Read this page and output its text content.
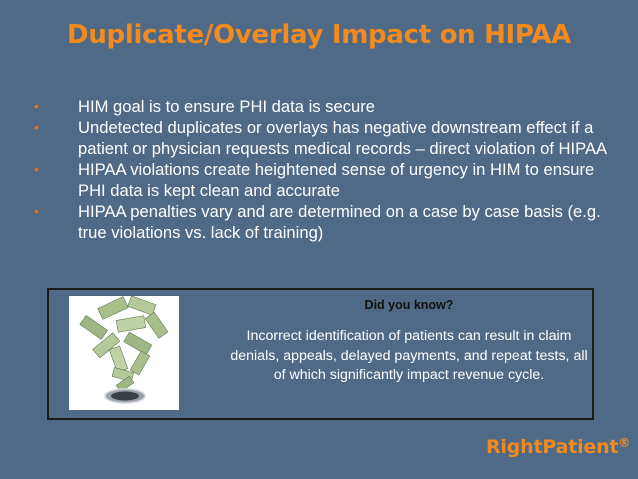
Duplicate/Overlay Impact on HIPAA
• HIM goal is to ensure PHI data is secure
• Undetected duplicates or overlays has negative downstream effect if a patient or physician requests medical records – direct violation of HIPAA
• HIPAA violations create heightened sense of urgency in HIM to ensure PHI data is kept clean and accurate
• HIPAA penalties vary and are determined on a case by case basis (e.g. true violations vs. lack of training)
Did you know?
Incorrect identification of patients can result in claim denials, appeals, delayed payments, and repeat tests, all of which significantly impact revenue cycle.
RightPatient®
